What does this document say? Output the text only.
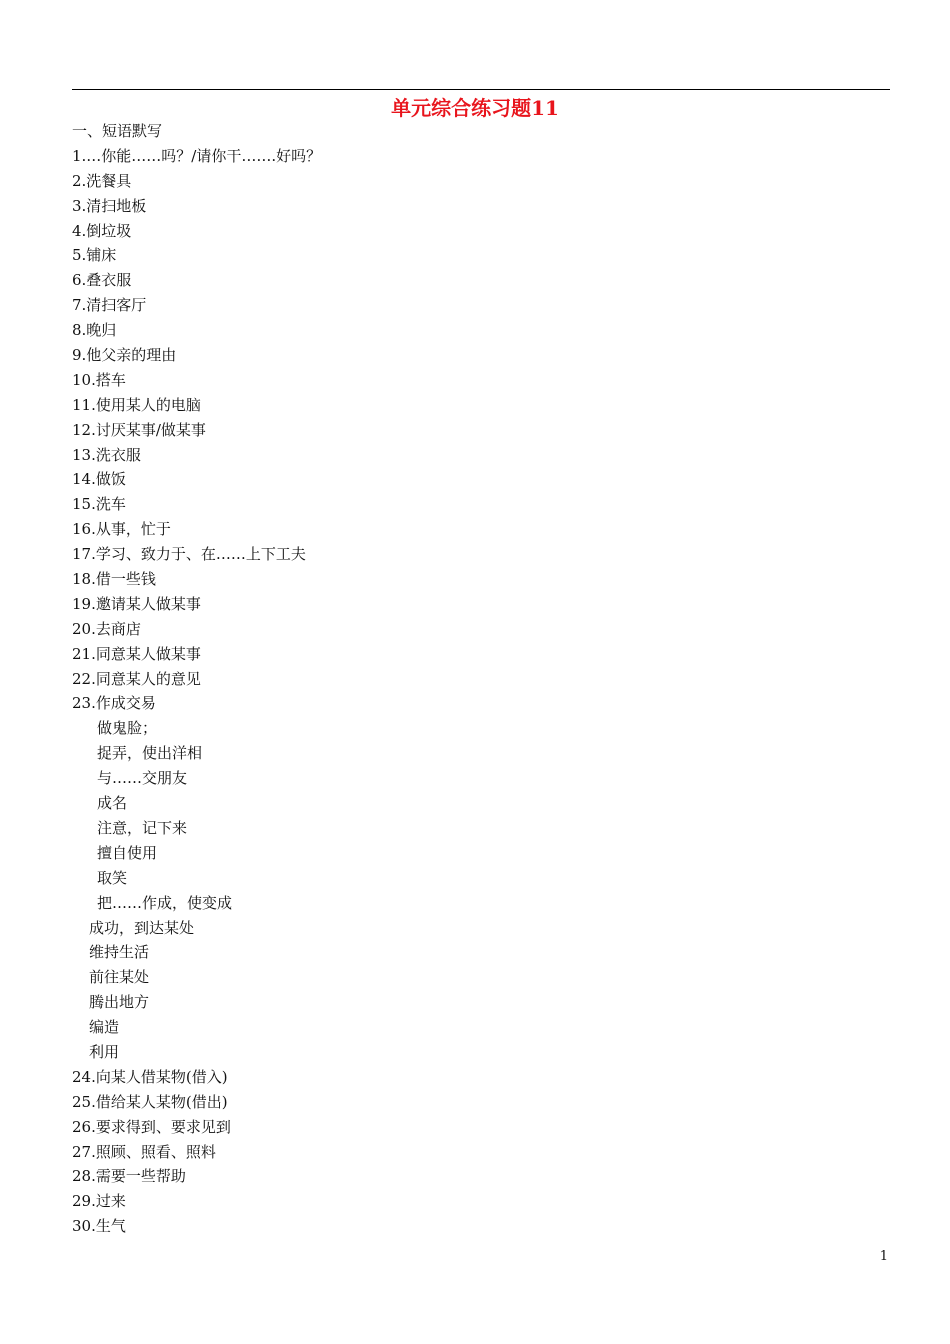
单元综合练习题11
一、短语默写
1.…你能……吗？/请你干…….好吗？
2.洗餐具
3.清扫地板
4.倒垃圾
5.铺床
6.叠衣服
7.清扫客厅
8.晚归
9.他父亲的理由
10.搭车
11.使用某人的电脑
12.讨厌某事/做某事
13.洗衣服
14.做饭
15.洗车
16.从事，忙于
17.学习、致力于、在……上下工夫
18.借一些钱
19.邀请某人做某事
20.去商店
21.同意某人做某事
22.同意某人的意见
23.作成交易
做鬼脸；
捉弄，使出洋相
与……交朋友
成名
注意，记下来
擅自使用
取笑
把……作成，使变成
成功，到达某处
维持生活
前往某处
腾出地方
编造
利用
24.向某人借某物(借入)
25.借给某人某物(借出)
26.要求得到、要求见到
27.照顾、照看、照料
28.需要一些帮助
29.过来
30.生气
1
